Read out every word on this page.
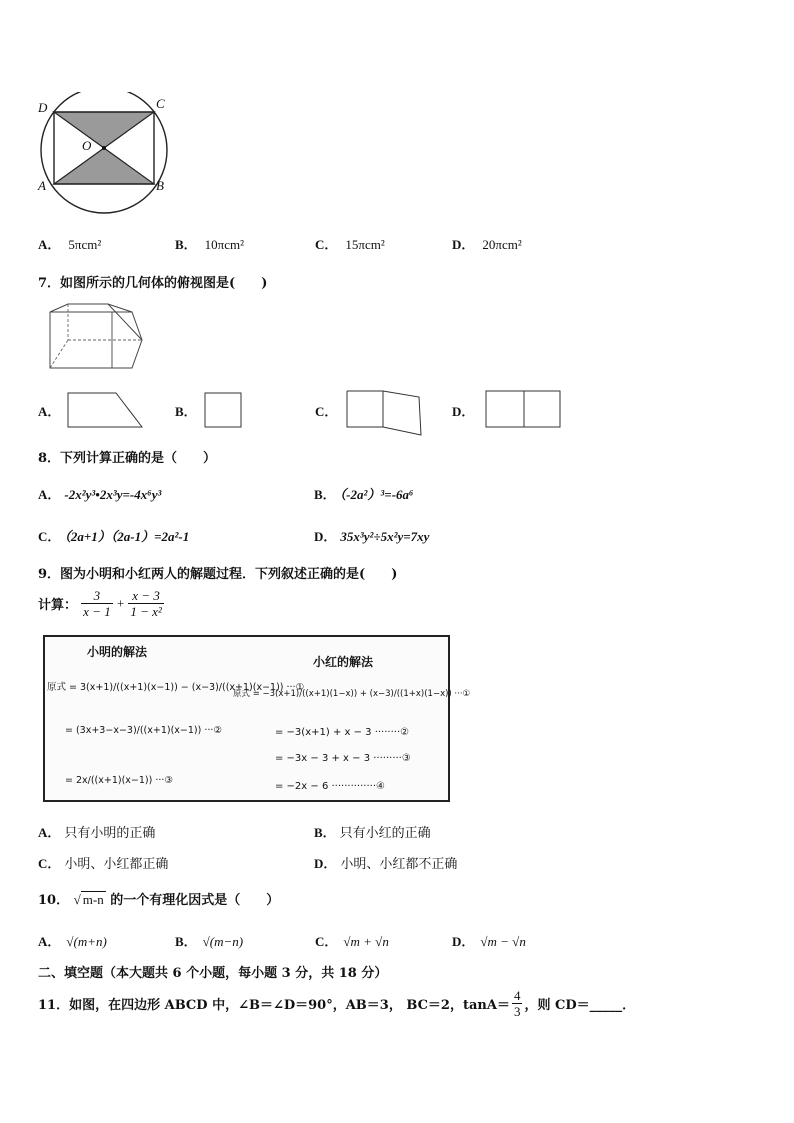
D	C
O
A	B
A． 5πcm²	B． 10πcm²	C． 15πcm²	D． 20πcm²
7．如图所示的几何体的俯视图是(　　)
A．	B．	C．	D．
8．下列计算正确的是（　　）
A． -2x²y³•2x³y=-4x⁶y³	B． （-2a²）³=-6a⁶
C． （2a+1）（2a-1）=2a²-1	D． 35x³y²÷5x²y=7xy
9．图为小明和小红两人的解题过程．下列叙述正确的是(　　)
计算： $\frac{3}{x - 1} + \frac{x - 3}{\text{1 − x²}}$
小明的解法
原式 = 3(x+1)/((x+1)(x−1)) − (x−3)/((x+1)(x−1)) ···①
= (3x+3−x−3)/((x+1)(x−1)) ···②
= 2x/((x+1)(x−1)) ···③
小红的解法
原式 = −3(x+1)/((x+1)(1−x)) + (x−3)/((1+x)(1−x)) ···①
= −3(x+1) + x − 3 ········②
= −3x − 3 + x − 3 ·········③
= −2x − 6 ··············④
A． 只有小明的正确	B． 只有小红的正确
C． 小明、小红都正确	D． 小明、小红都不正确
10． √ m-n 的一个有理化因式是（　　）
A． √(m+n)	B． √(m−n)	C． √m + √n	D． √m − √n
二、填空题（本大题共 6 个小题，每小题 3 分，共 18 分）
11．如图，在四边形 ABCD 中，∠B＝∠D＝90°，AB＝3， BC＝2，$\tan A= \frac{4}{3}$ ，则 CD＝_____．
